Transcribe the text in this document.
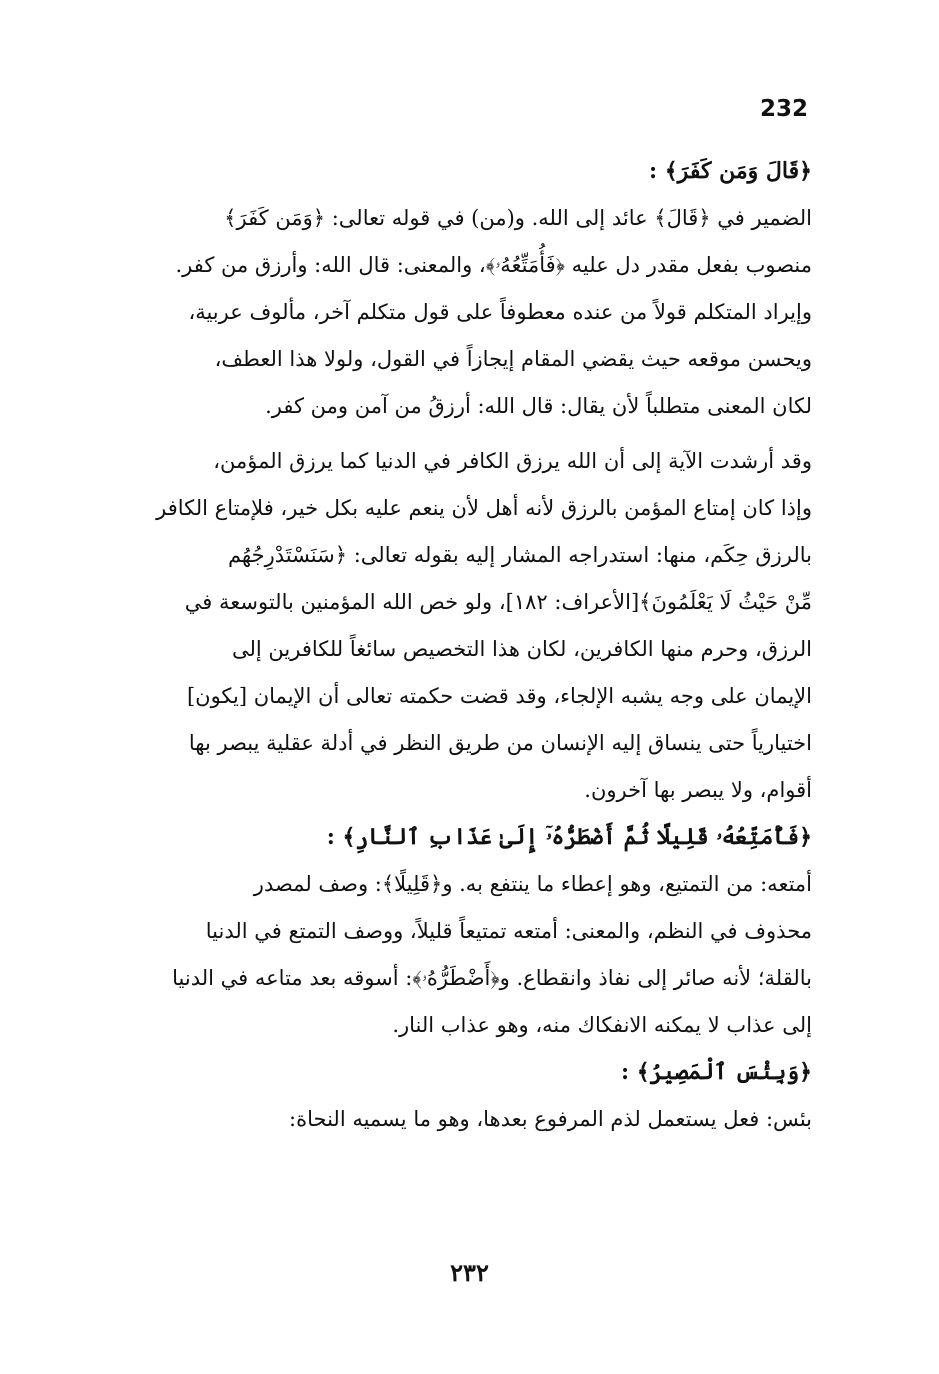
232
﴿قَالَ وَمَن كَفَرَ﴾ :
الضمير في ﴿قَالَ﴾ عائد إلى الله. و(من) في قوله تعالى: ﴿وَمَن كَفَرَ﴾
منصوب بفعل مقدر دل عليه ﴿فَأُمَتِّعُهُۥ﴾، والمعنى: قال الله: وأرزق من كفر.
وإيراد المتكلم قولاً من عنده معطوفاً على قول متكلم آخر، مألوف عربية،
ويحسن موقعه حيث يقضي المقام إيجازاً في القول، ولولا هذا العطف،
لكان المعنى متطلباً لأن يقال: قال الله: أرزقُ من آمن ومن كفر.
وقد أرشدت الآية إلى أن الله يرزق الكافر في الدنيا كما يرزق المؤمن،
وإذا كان إمتاع المؤمن بالرزق لأنه أهل لأن ينعم عليه بكل خير، فلإمتاع الكافر
بالرزق حِكَم، منها: استدراجه المشار إليه بقوله تعالى: ﴿سَنَسْتَدْرِجُهُم
مِّنْ حَيْثُ لَا يَعْلَمُونَ﴾[الأعراف: ١٨٢]، ولو خص الله المؤمنين بالتوسعة في
الرزق، وحرم منها الكافرين، لكان هذا التخصيص سائغاً للكافرين إلى
الإيمان على وجه يشبه الإلجاء، وقد قضت حكمته تعالى أن الإيمان [يكون]
اختيارياً حتى ينساق إليه الإنسان من طريق النظر في أدلة عقلية يبصر بها
أقوام، ولا يبصر بها آخرون.
﴿فَأُمَتِّعُهُۥ قَلِيلًا ثُمَّ أَضْطَرُّهُۥٓ إِلَىٰ عَذَابِ ٱلنَّارِ﴾ :
أمتعه: من التمتيع، وهو إعطاء ما ينتفع به. و﴿قَلِيلًا﴾: وصف لمصدر
محذوف في النظم، والمعنى: أمتعه تمتيعاً قليلاً، ووصف التمتع في الدنيا
بالقلة؛ لأنه صائر إلى نفاذ وانقطاع. و﴿أَضْطَرُّهُۥ﴾: أسوقه بعد متاعه في الدنيا
إلى عذاب لا يمكنه الانفكاك منه، وهو عذاب النار.
﴿وَبِئْسَ ٱلْمَصِيرُ﴾ :
بئس: فعل يستعمل لذم المرفوع بعدها، وهو ما يسميه النحاة:
٢٣٢
